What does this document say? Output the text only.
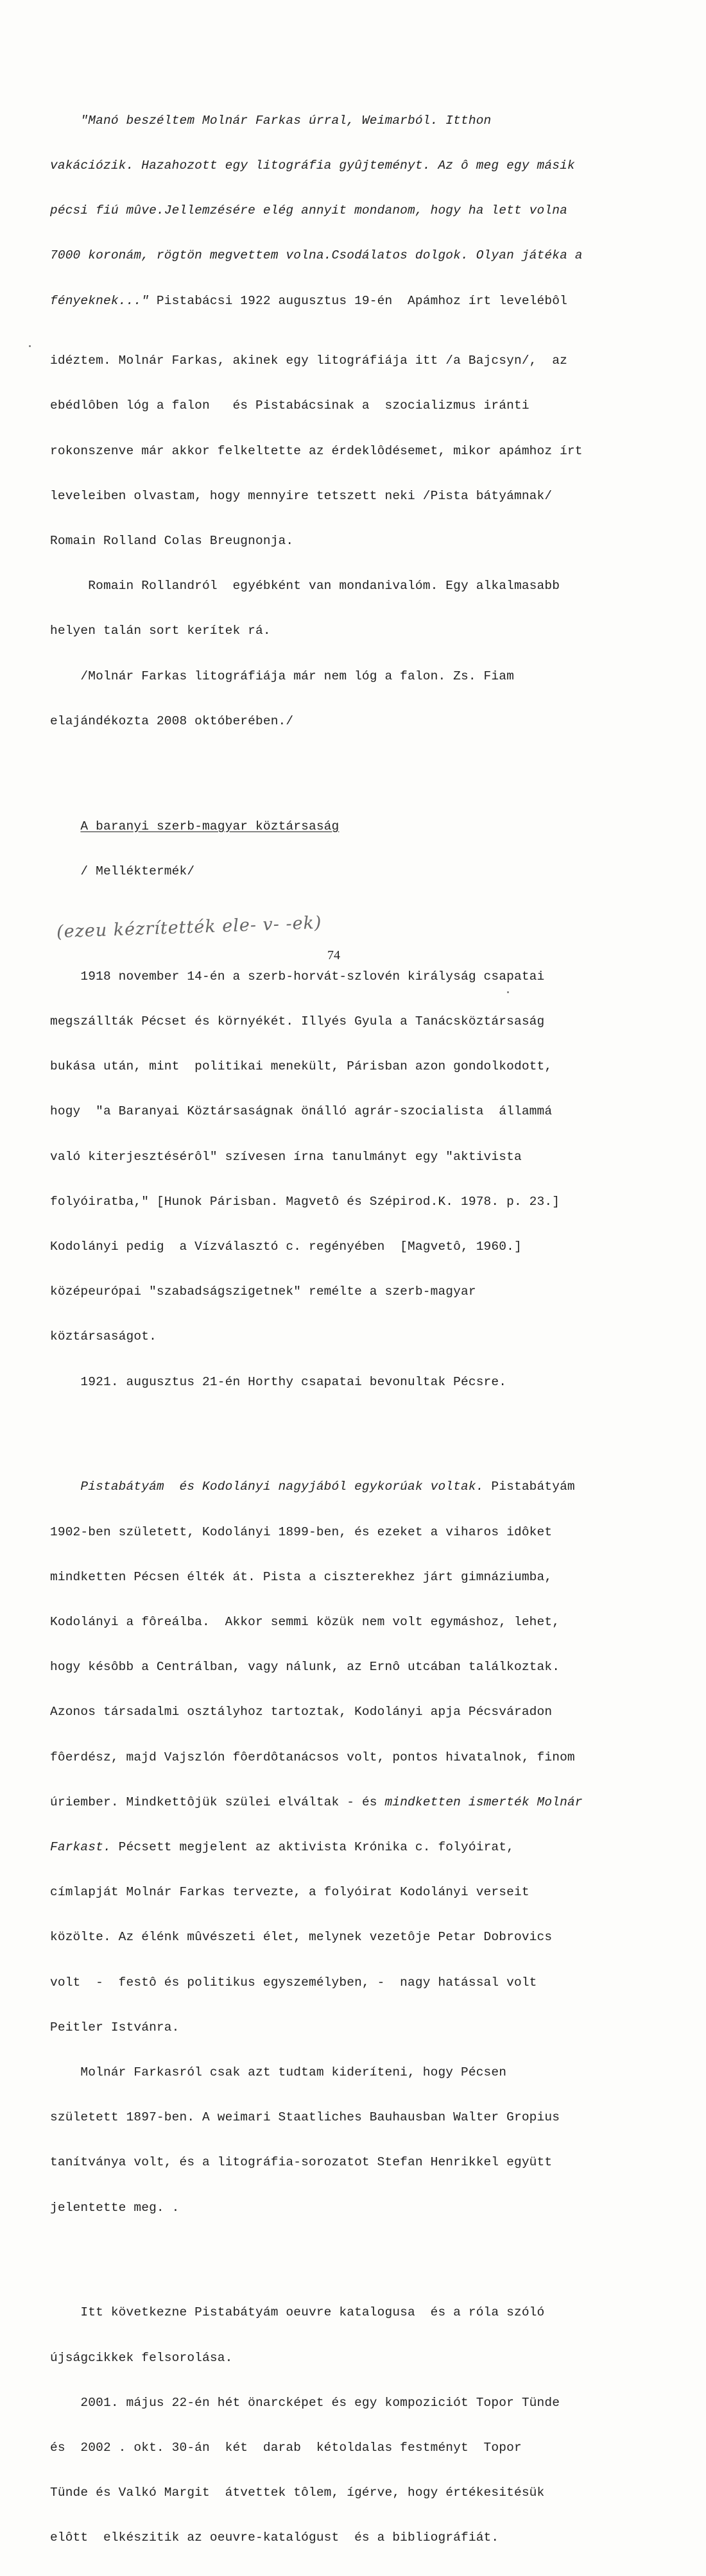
"Manó beszéltem Molnár Farkas úrral, Weimarból. Itthon

vakációzik. Hazahozott egy litográfia gyûjteményt. Az ô meg egy másik

pécsi fiú mûve.Jellemzésére elég annyit mondanom, hogy ha lett volna

7000 koronám, rögtön megvettem volna.Csodálatos dolgok. Olyan játéka a

fényeknek..." Pistabácsi 1922 augusztus 19-én  Apámhoz írt levelébôl

idéztem. Molnár Farkas, akinek egy litográfiája itt /a Bajcsyn/,  az

ebédlôben lóg a falon   és Pistabácsinak a  szocializmus iránti

rokonszenve már akkor felkeltette az érdeklôdésemet, mikor apámhoz írt

leveleiben olvastam, hogy mennyire tetszett neki /Pista bátyámnak/

Romain Rolland Colas Breugnonja.

Romain Rollandról  egyébként van mondanivalóm. Egy alkalmasabb

helyen talán sort kerítek rá.

/Molnár Farkas litográfiája már nem lóg a falon. Zs. Fiam

elajándékozta 2008 októberében./

A baranyi szerb-magyar köztársaság

/ Melléktermék/

1918 november 14-én a szerb-horvát-szlovén királyság csapatai

megszállták Pécset és környékét. Illyés Gyula a Tanácsköztársaság

bukása után, mint  politikai menekült, Párisban azon gondolkodott,

hogy  "a Baranyai Köztársaságnak önálló agrár-szocialista  állammá

való kiterjesztésérôl" szívesen írna tanulmányt egy "aktivista

folyóiratba," [Hunok Párisban. Magvetô és Szépirod.K. 1978. p. 23.]

Kodolányi pedig  a Vízválasztó c. regényében  [Magvetô, 1960.]

középeurópai "szabadságszigetnek" remélte a szerb-magyar

köztársaságot.

1921. augusztus 21-én Horthy csapatai bevonultak Pécsre.

Pistabátyám  és Kodolányi nagyjából egykorúak voltak. Pistabátyám

1902-ben született, Kodolányi 1899-ben, és ezeket a viharos idôket

mindketten Pécsen élték át. Pista a ciszterekhez járt gimnáziumba,

Kodolányi a fôreálba.  Akkor semmi közük nem volt egymáshoz, lehet,

hogy késôbb a Centrálban, vagy nálunk, az Ernô utcában találkoztak.

Azonos társadalmi osztályhoz tartoztak, Kodolányi apja Pécsváradon

fôerdész, majd Vajszlón fôerdôtanácsos volt, pontos hivatalnok, finom

úriember. Mindkettôjük szülei elváltak - és mindketten ismerték Molnár

Farkast. Pécsett megjelent az aktivista Krónika c. folyóirat,

címlapját Molnár Farkas tervezte, a folyóirat Kodolányi verseit

közölte. Az élénk mûvészeti élet, melynek vezetôje Petar Dobrovics

volt  -  festô és politikus egyszemélyben, -  nagy hatással volt

Peitler Istvánra.

Molnár Farkasról csak azt tudtam kideríteni, hogy Pécsen

született 1897-ben. A weimari Staatliches Bauhausban Walter Gropius

tanítványa volt, és a litográfia-sorozatot Stefan Henrikkel együtt

jelentette meg. .

Itt következne Pistabátyám oeuvre katalogusa  és a róla szóló

újságcikkek felsorolása.

2001. május 22-én hét önarcképet és egy kompoziciót Topor Tünde

és  2002 . okt. 30-án  két  darab  kétoldalas festményt  Topor

Tünde és Valkó Margit  átvettek tôlem, ígérve, hogy értékesitésük

elôtt  elkészitik az oeuvre-katalógust  és a bibliográfiát.

(ezeu kézrítették ele- v- -ek)
74
